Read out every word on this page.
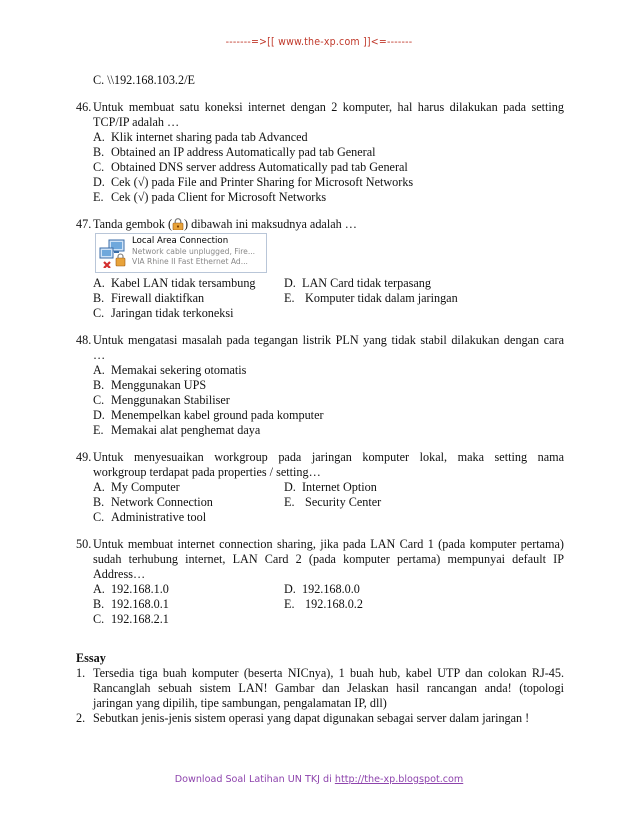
-------=>[[ www.the-xp.com ]]<=-------
C. \\192.168.103.2/E
46. Untuk membuat satu koneksi internet dengan 2 komputer, hal harus dilakukan pada setting
TCP/IP adalah …
A. Klik internet sharing pada tab Advanced
B. Obtained an IP address Automatically pad tab General
C. Obtained DNS server address Automatically pad tab General
D. Cek (√) pada File and Printer Sharing for Microsoft Networks
E. Cek (√) pada Client for Microsoft Networks
47. Tanda gembok ( ) dibawah ini maksudnya adalah …
Local Area Connection
Network cable unplugged, Fire...
VIA Rhine II Fast Ethernet Ad...
A. Kabel LAN tidak tersambung	D. LAN Card tidak terpasang
B. Firewall diaktifkan	E. Komputer tidak dalam jaringan
C. Jaringan tidak terkoneksi
48. Untuk mengatasi masalah pada tegangan listrik PLN yang tidak stabil dilakukan dengan cara
…
A. Memakai sekering otomatis
B. Menggunakan UPS
C. Menggunakan Stabiliser
D. Menempelkan kabel ground pada komputer
E. Memakai alat penghemat daya
49. Untuk menyesuaikan workgroup pada jaringan komputer lokal, maka setting nama
workgroup terdapat pada properties / setting…
A. My Computer	D. Internet Option
B. Network Connection	E. Security Center
C. Administrative tool
50. Untuk membuat internet connection sharing, jika pada LAN Card 1 (pada komputer pertama)
sudah terhubung internet, LAN Card 2 (pada komputer pertama) mempunyai default IP
Address…
A. 192.168.1.0	D. 192.168.0.0
B. 192.168.0.1	E. 192.168.0.2
C. 192.168.2.1
Essay
1. Tersedia tiga buah komputer (beserta NICnya), 1 buah hub, kabel UTP dan colokan RJ-45.
Rancanglah sebuah sistem LAN! Gambar dan Jelaskan hasil rancangan anda! (topologi
jaringan yang dipilih, tipe sambungan, pengalamatan IP, dll)
2. Sebutkan jenis-jenis sistem operasi yang dapat digunakan sebagai server dalam jaringan !
Download Soal Latihan UN TKJ di http://the-xp.blogspot.com
